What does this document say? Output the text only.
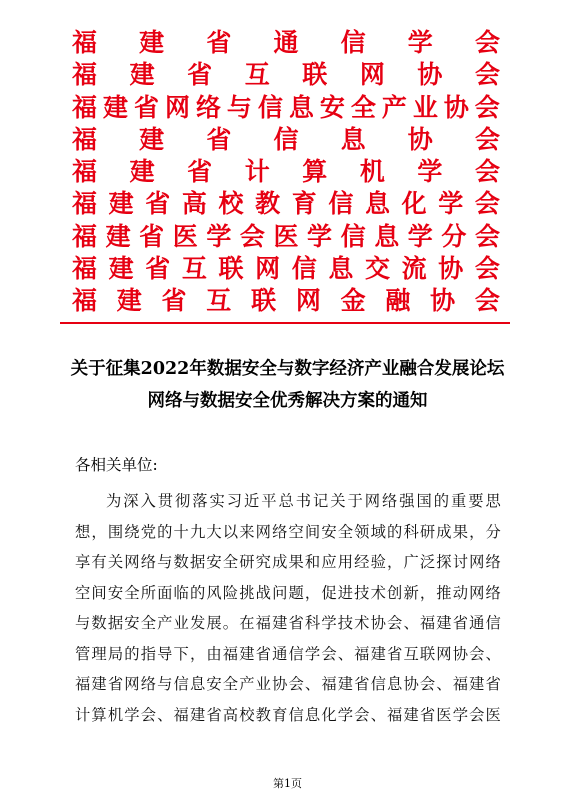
福 建 省 通 信 学 会
福 建 省 互 联 网 协 会
福 建 省 网 络 与 信 息 安 全 产 业 协 会
福 建 省 信 息 协 会
福 建 省 计 算 机 学 会
福 建 省 高 校 教 育 信 息 化 学 会
福 建 省 医 学 会 医 学 信 息 学 分 会
福 建 省 互 联 网 信 息 交 流 协 会
福 建 省 互 联 网 金 融 协 会
关于征集2022年数据安全与数字经济产业融合发展论坛
网络与数据安全优秀解决方案的通知
各相关单位:
为 深 入 贯 彻 落 实 习 近 平 总 书 记 关 于 网 络 强 国 的 重 要 思
想 ， 围 绕 党 的 十 九 大 以 来 网 络 空 间 安 全 领 域 的 科 研 成 果 ， 分
享 有 关 网 络 与 数 据 安 全 研 究 成 果 和 应 用 经 验 ， 广 泛 探 讨 网 络
空 间 安 全 所 面 临 的 风 险 挑 战 问 题 ， 促 进 技 术 创 新 ， 推 动 网 络
与 数 据 安 全 产 业 发 展 。 在 福 建 省 科 学 技 术 协 会 、 福 建 省 通 信
管 理 局 的 指 导 下 ， 由 福 建 省 通 信 学 会 、 福 建 省 互 联 网 协 会 、
福 建 省 网 络 与 信 息 安 全 产 业 协 会 、 福 建 省 信 息 协 会 、 福 建 省
计 算 机 学 会 、 福 建 省 高 校 教 育 信 息 化 学 会 、 福 建 省 医 学 会 医
第1页
